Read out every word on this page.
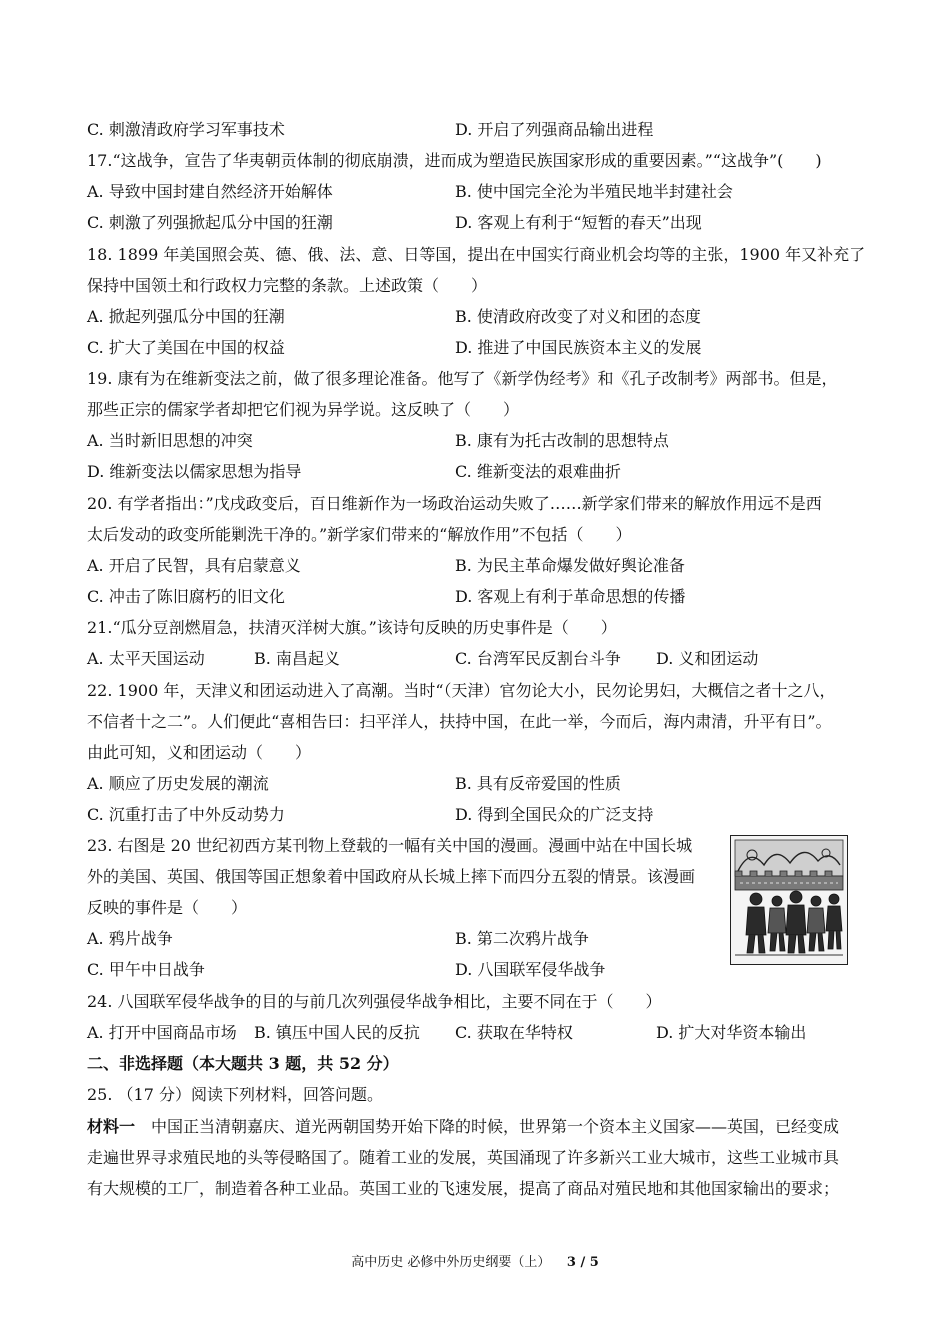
C. 刺激清政府学习军事技术	D. 开启了列强商品输出进程
17.“这战争，宣告了华夷朝贡体制的彻底崩溃，进而成为塑造民族国家形成的重要因素。”“这战争”(　　)
A. 导致中国封建自然经济开始解体	B. 使中国完全沦为半殖民地半封建社会
C. 刺激了列强掀起瓜分中国的狂潮	D. 客观上有利于“短暂的春天”出现
18. 1899 年美国照会英、德、俄、法、意、日等国，提出在中国实行商业机会均等的主张，1900 年又补充了
保持中国领土和行政权力完整的条款。上述政策（　　）
A. 掀起列强瓜分中国的狂潮	B. 使清政府改变了对义和团的态度
C. 扩大了美国在中国的权益	D. 推进了中国民族资本主义的发展
19. 康有为在维新变法之前，做了很多理论准备。他写了《新学伪经考》和《孔子改制考》两部书。但是，
那些正宗的儒家学者却把它们视为异学说。这反映了（　　）
A. 当时新旧思想的冲突	B. 康有为托古改制的思想特点
D. 维新变法以儒家思想为指导	C. 维新变法的艰难曲折
20. 有学者指出：”戊戌政变后，百日维新作为一场政治运动失败了……新学家们带来的解放作用远不是西
太后发动的政变所能剿洗干净的。”新学家们带来的“解放作用”不包括（　　）
A. 开启了民智，具有启蒙意义	B. 为民主革命爆发做好舆论准备
C. 冲击了陈旧腐朽的旧文化	D. 客观上有利于革命思想的传播
21.“瓜分豆剖燃眉急，扶清灭洋树大旗。”该诗句反映的历史事件是（　　）
A. 太平天国运动	B. 南昌起义	C. 台湾军民反割台斗争 D. 义和团运动
22. 1900 年，天津义和团运动进入了高潮。当时“（天津）官勿论大小，民勿论男妇，大概信之者十之八，
不信者十之二”。人们便此“喜相告曰：扫平洋人，扶持中国，在此一举，今而后，海内肃清，升平有日”。
由此可知，义和团运动（　　）
A. 顺应了历史发展的潮流	B. 具有反帝爱国的性质
C. 沉重打击了中外反动势力	D. 得到全国民众的广泛支持
23. 右图是 20 世纪初西方某刊物上登载的一幅有关中国的漫画。漫画中站在中国长城
外的美国、英国、俄国等国正想象着中国政府从长城上摔下而四分五裂的情景。该漫画
反映的事件是（　　）
A. 鸦片战争	B. 第二次鸦片战争
C. 甲午中日战争	D. 八国联军侵华战争
24. 八国联军侵华战争的目的与前几次列强侵华战争相比，主要不同在于（　　）
A. 打开中国商品市场 B. 镇压中国人民的反抗 C. 获取在华特权	D. 扩大对华资本输出
二、非选择题（本大题共 3 题，共 52 分）
25. （17 分）阅读下列材料，回答问题。
材料一　中国正当清朝嘉庆、道光两朝国势开始下降的时候，世界第一个资本主义国家——英国，已经变成
走遍世界寻求殖民地的头等侵略国了。随着工业的发展，英国涌现了许多新兴工业大城市，这些工业城市具
有大规模的工厂，制造着各种工业品。英国工业的飞速发展，提高了商品对殖民地和其他国家输出的要求；
高中历史 必修中外历史纲要（上） 3 / 5
